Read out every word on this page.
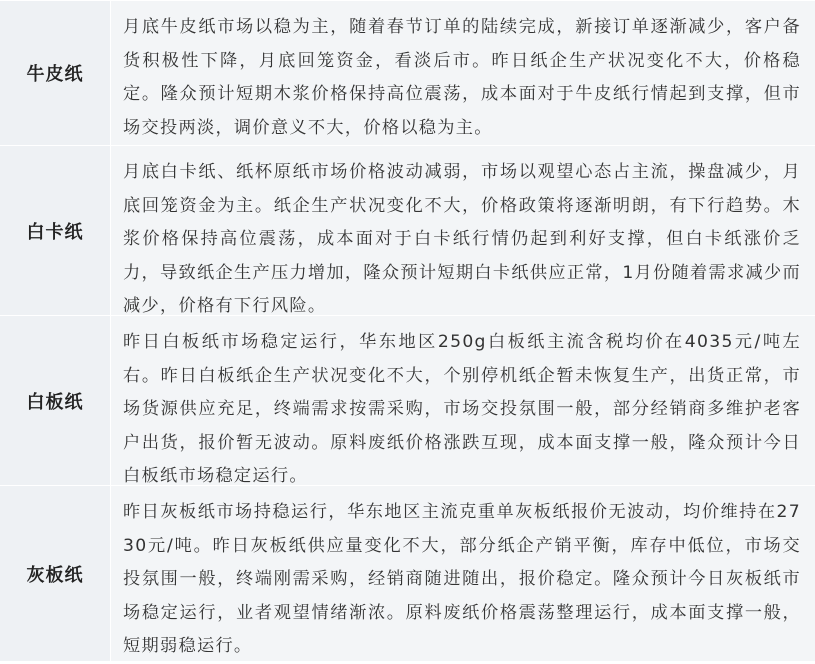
牛皮纸

月底牛皮纸市场以稳为主，随着春节订单的陆续完成，新接订单逐渐减少，客户备货积极性下降，月底回笼资金，看淡后市。昨日纸企生产状况变化不大，价格稳定。隆众预计短期木浆价格保持高位震荡，成本面对于牛皮纸行情起到支撑，但市场交投两淡，调价意义不大，价格以稳为主。

白卡纸

月底白卡纸、纸杯原纸市场价格波动减弱，市场以观望心态占主流，操盘减少，月底回笼资金为主。纸企生产状况变化不大，价格政策将逐渐明朗，有下行趋势。木浆价格保持高位震荡，成本面对于白卡纸行情仍起到利好支撑，但白卡纸涨价乏力，导致纸企生产压力增加，隆众预计短期白卡纸供应正常，1月份随着需求减少而减少，价格有下行风险。

白板纸

昨日白板纸市场稳定运行，华东地区250g白板纸主流含税均价在4035元/吨左右。昨日白板纸企生产状况变化不大，个别停机纸企暂未恢复生产，出货正常，市场货源供应充足，终端需求按需采购，市场交投氛围一般，部分经销商多维护老客户出货，报价暂无波动。原料废纸价格涨跌互现，成本面支撑一般，隆众预计今日白板纸市场稳定运行。

灰板纸

昨日灰板纸市场持稳运行，华东地区主流克重单灰板纸报价无波动，均价维持在2730元/吨。昨日灰板纸供应量变化不大，部分纸企产销平衡，库存中低位，市场交投氛围一般，终端刚需采购，经销商随进随出，报价稳定。隆众预计今日灰板纸市场稳定运行，业者观望情绪渐浓。原料废纸价格震荡整理运行，成本面支撑一般，短期弱稳运行。
